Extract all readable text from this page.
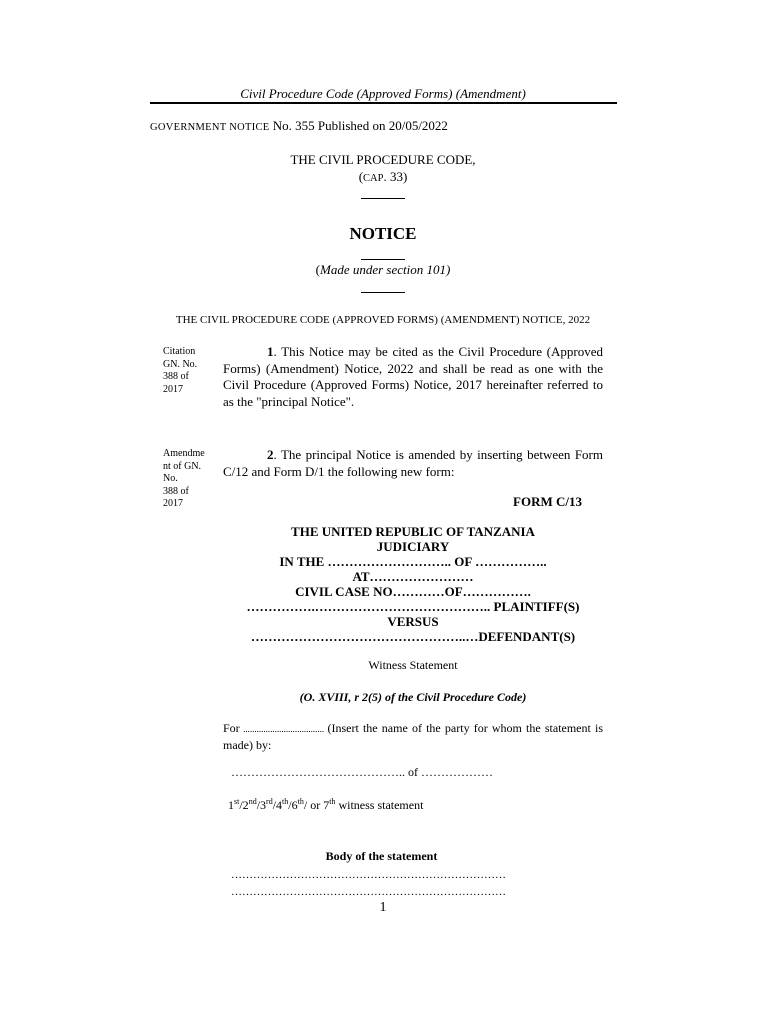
Civil Procedure Code (Approved Forms) (Amendment)
GOVERNMENT NOTICE No. 355 Published on 20/05/2022
THE CIVIL PROCEDURE CODE,
(CAP. 33)
NOTICE
(Made under section 101)
THE CIVIL PROCEDURE CODE (APPROVED FORMS) (AMENDMENT) NOTICE, 2022
Citation
GN. No.
388 of
2017
1. This Notice may be cited as the Civil Procedure (Approved Forms) (Amendment) Notice, 2022 and shall be read as one with the Civil Procedure (Approved Forms) Notice, 2017 hereinafter referred to as the "principal Notice".
Amendme
nt of GN.
No.
388 of
2017
2. The principal Notice is amended by inserting between Form C/12 and Form D/1 the following new form:
FORM C/13
THE UNITED REPUBLIC OF TANZANIA
JUDICIARY
IN THE ……………………….. OF ……………..
AT……………………
CIVIL CASE NO…………OF…………….
…………….………………………………….. PLAINTIFF(S)
VERSUS
…………………………………………..…DEFENDANT(S)
Witness Statement
(O. XVIII, r 2(5) of the Civil Procedure Code)
For .................................... (Insert the name of the party for whom the statement is made) by:
…………………………………….. of ………………
1st/2nd/3rd/4th/6th/ or 7th witness statement
Body of the statement
…………………………………………………………………
…………………………………………………………………
1
